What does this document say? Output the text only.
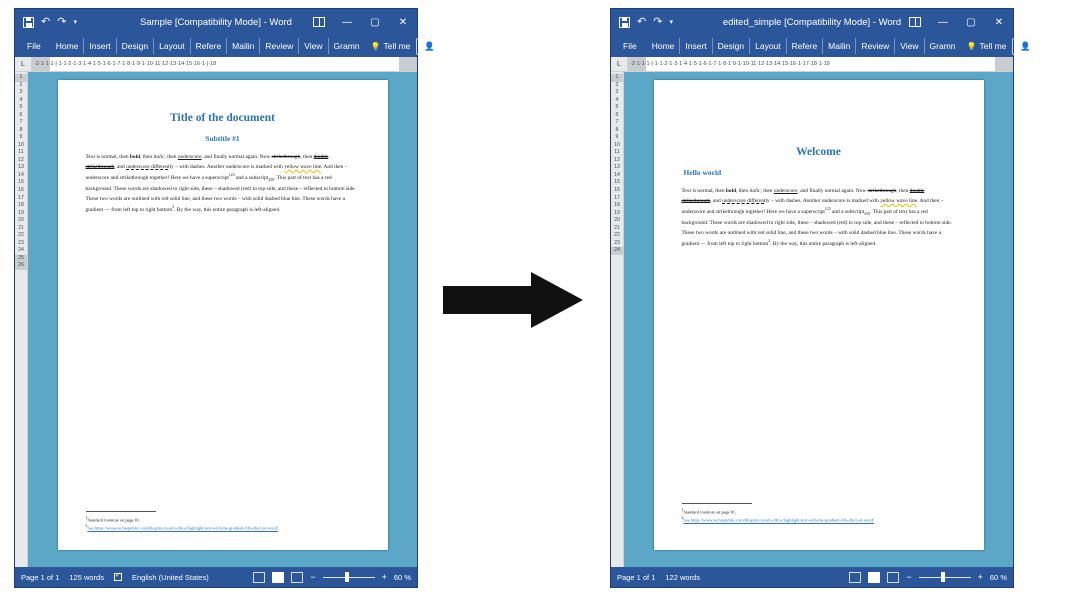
↶ ↷ ▾	Sample [Compatibility Mode] - Word	—	▢	✕
File	Home	Insert	Design	Layout	Refere	Mailin	Review	View	Gramn	💡 Tell me 👤 Share
L	·2·1·1·1·|·1·1·2·1·3·1·4·1·5·1·6·1·7·1·8·1·9·1·10·11·12·13·14·15·16·1·|·18
1
2
3
4
5
6
7
8
9
10
11
12
13
14
15
16
17
18
19
20
21
22
23
24
25
26
Title of the document
Subtitle #1
Text is normal, then bold, then italic, then underscore, and finally normal again. Now strikethrough, then double strikethrough, and underscore differently – with dashes. Another underscore is marked with yellow wave line. And then – underscore and strikethrough together! Here we have a superscript$^{123}$ and a subscript$_{456}$. This part of text has a red background. These words are shadowed to right side, these – shadowed (red) to top side, and these – reflected to bottom side. These two words are outlined with red solid line, and these two words – with solid dashed blue line. These words have a gradient — from left top to right bottom$^2$. By the way, this entire paragraph is left-aligned.
1Standard footnote on page #1.
2See https://www.techrepublic.com/blog/microsoft-office/highlight-text-with-the-gradient-fill-effect-in-word/
Page 1 of 1 125 words ✓	English (United States)	−	+ 60 %
↶ ↷ ▾	edited_simple [Compatibility Mode] - Word	—	▢	✕
File	Home	Insert	Design	Layout	Refere	Mailin	Review	View	Gramn	💡 Tell me 👤 Share
L	·2·1·1·1·|·1·1·2·1·3·1·4·1·5·1·6·1·7·1·8·1·9·1·10·11·12·13·14·15·16·1·17·18·1·19
1
2
3
4
5
6
7
8
9
10
11
12
13
14
15
16
17
18
19
20
21
22
23
24
Welcome
Hello world
Text is normal, then bold, then italic, then underscore, and finally normal again. Now strikethrough, then double strikethrough, and underscore differently – with dashes. Another underscore is marked with yellow wave line. And then – underscore and strikethrough together! Here we have a superscript$^{123}$ and a subscript$_{456}$. This part of text has a red background. These words are shadowed to right side, these – shadowed (red) to top side, and these – reflected to bottom side. These two words are outlined with red solid line, and these two words – with solid dashed blue line. These words have a gradient — from left top to right bottom$^2$. By the way, this entire paragraph is left-aligned.
1Standard footnote on page #1.
2See https://www.techrepublic.com/blog/microsoft-office/highlight-text-with-the-gradient-fill-effect-in-word/
Page 1 of 1 122 words	−	+ 60 %
